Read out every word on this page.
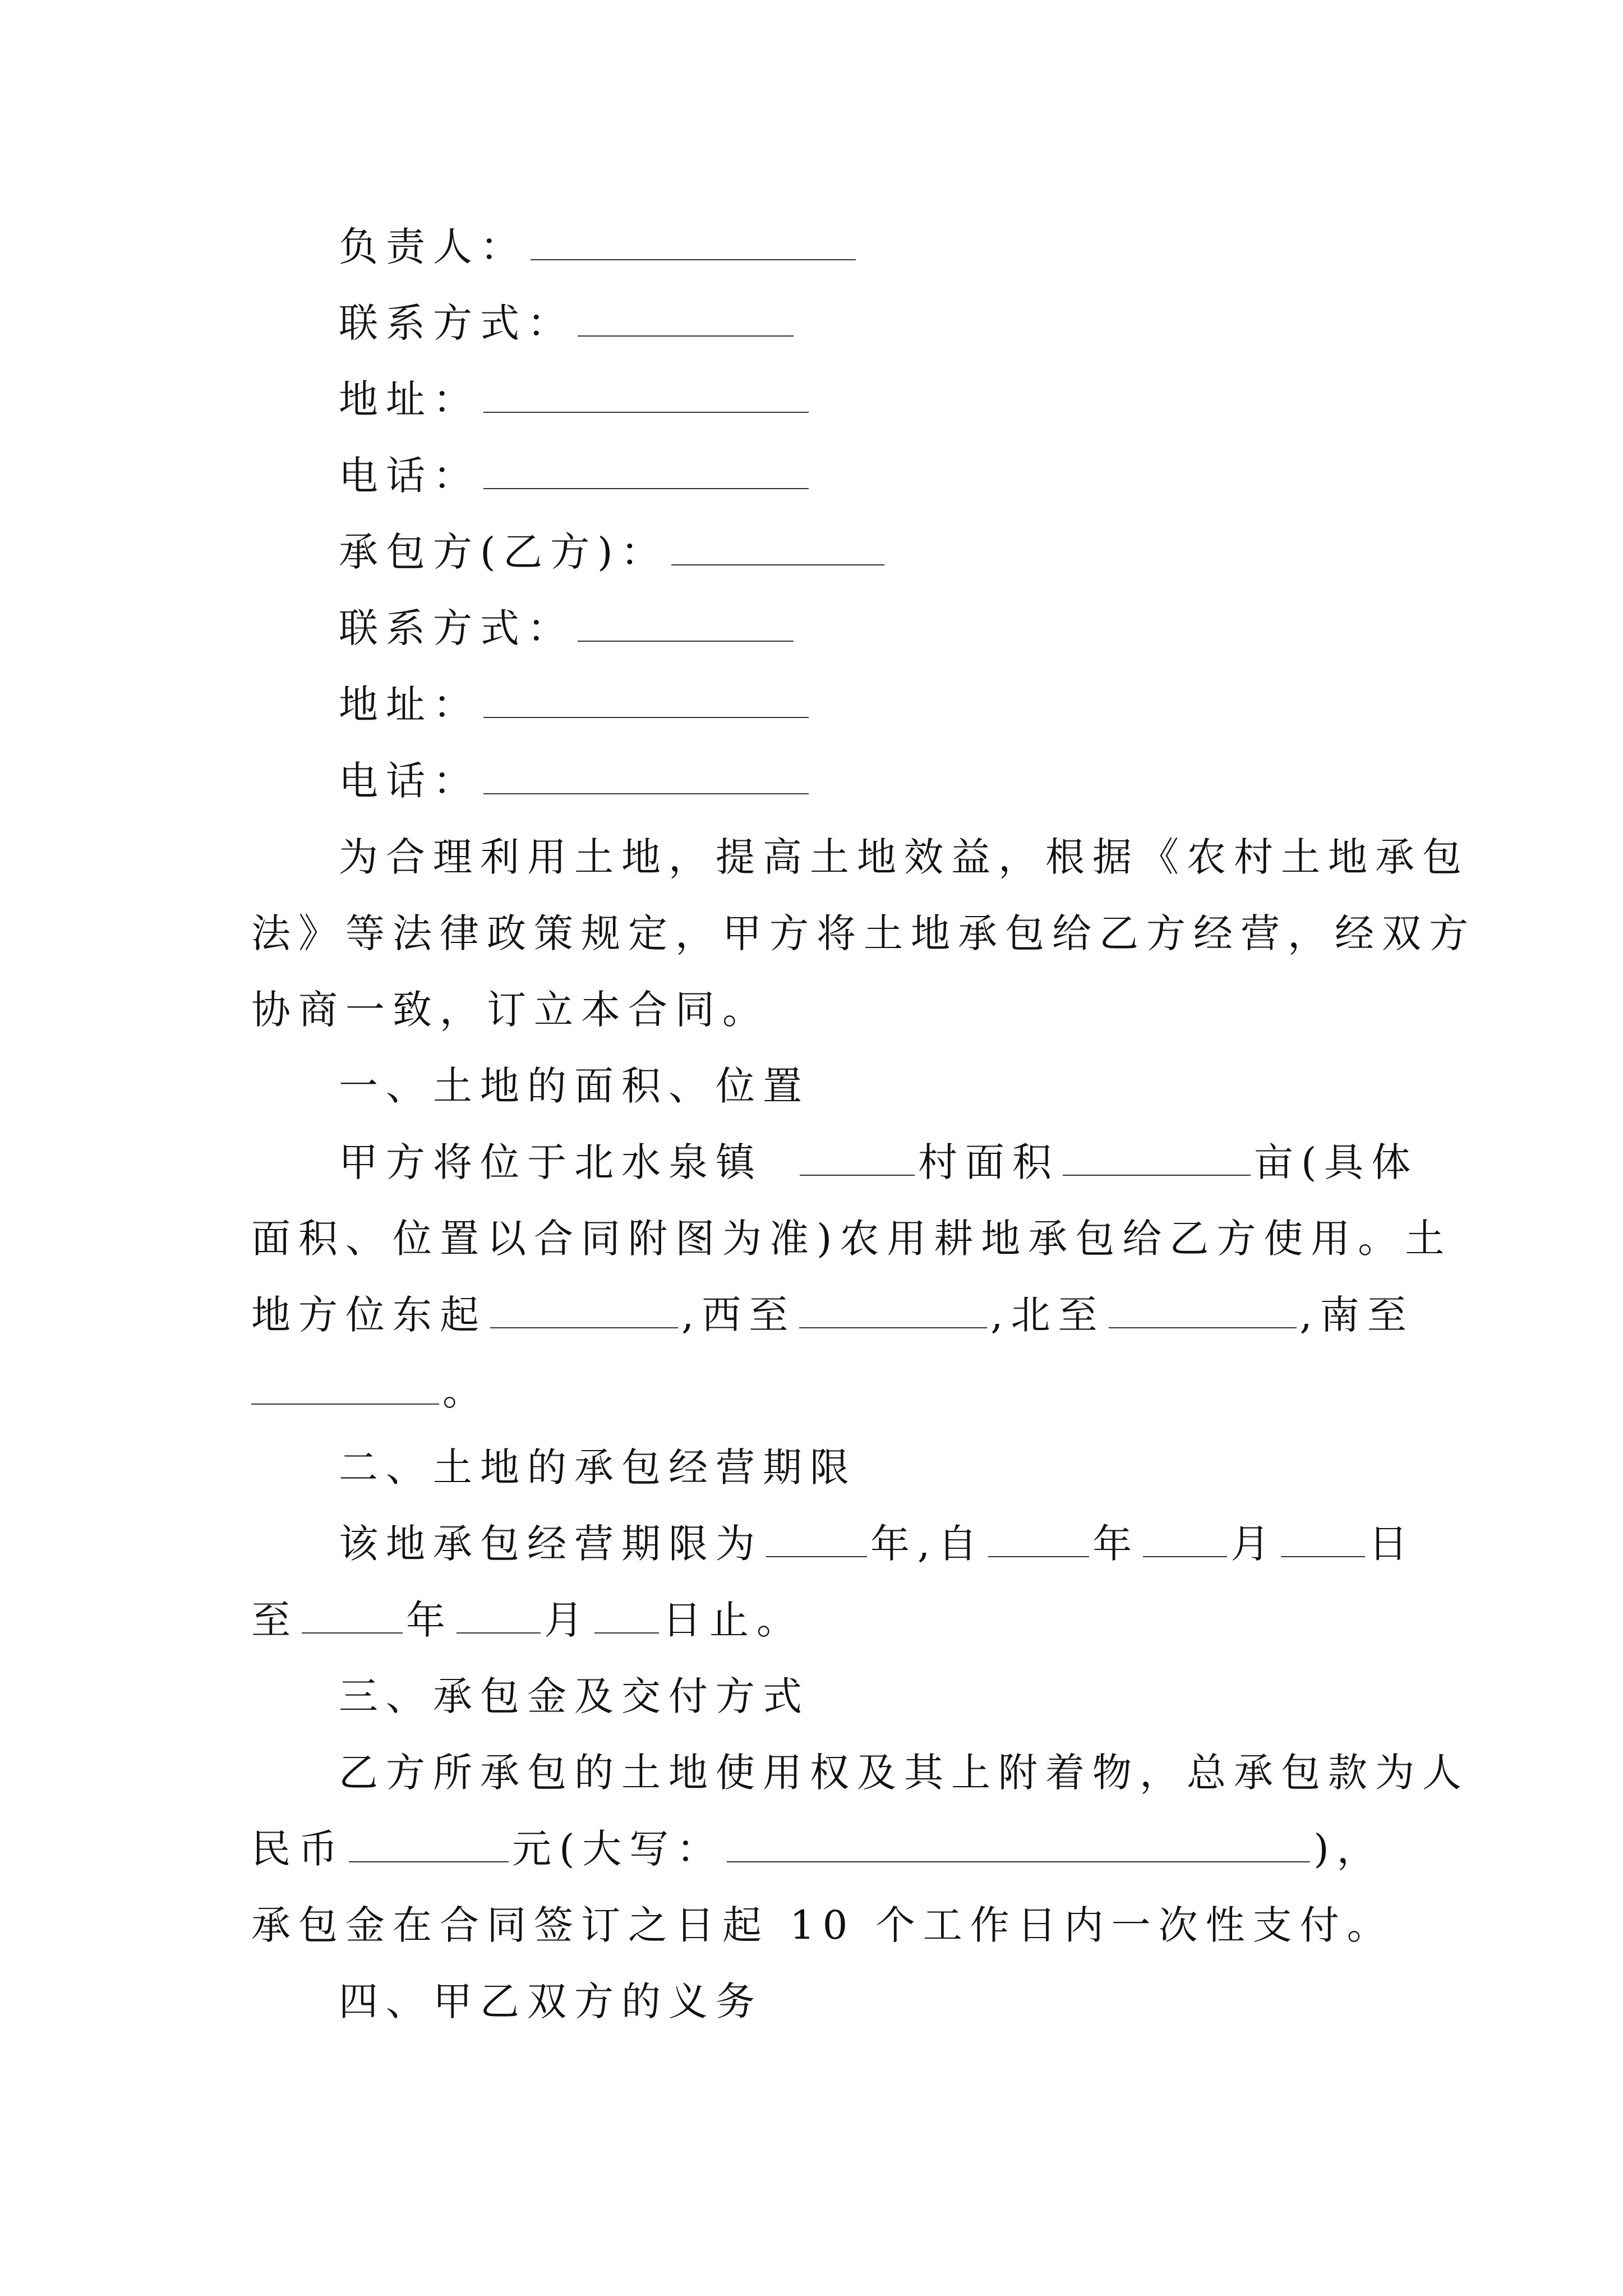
负责人：
联系方式：
地址：
电话：
承包方(乙方)：
联系方式：
地址：
电话：
为合理利用土地，提高土地效益，根据《农村土地承包
法》等法律政策规定，甲方将土地承包给乙方经营，经双方
协商一致，订立本合同。
一、土地的面积、位置
甲方将位于北水泉镇	村面积	亩(具体
面积、位置以合同附图为准)农用耕地承包给乙方使用。土
地方位东起	,西至	,北至	,南至
。
二、土地的承包经营期限
该地承包经营期限为	年,自	年 月 日
至	年 月 日止。
三、承包金及交付方式
乙方所承包的土地使用权及其上附着物，总承包款为人
民币	元(大写：	)，
承包金在合同签订之日起 10 个工作日内一次性支付。
四、甲乙双方的义务
